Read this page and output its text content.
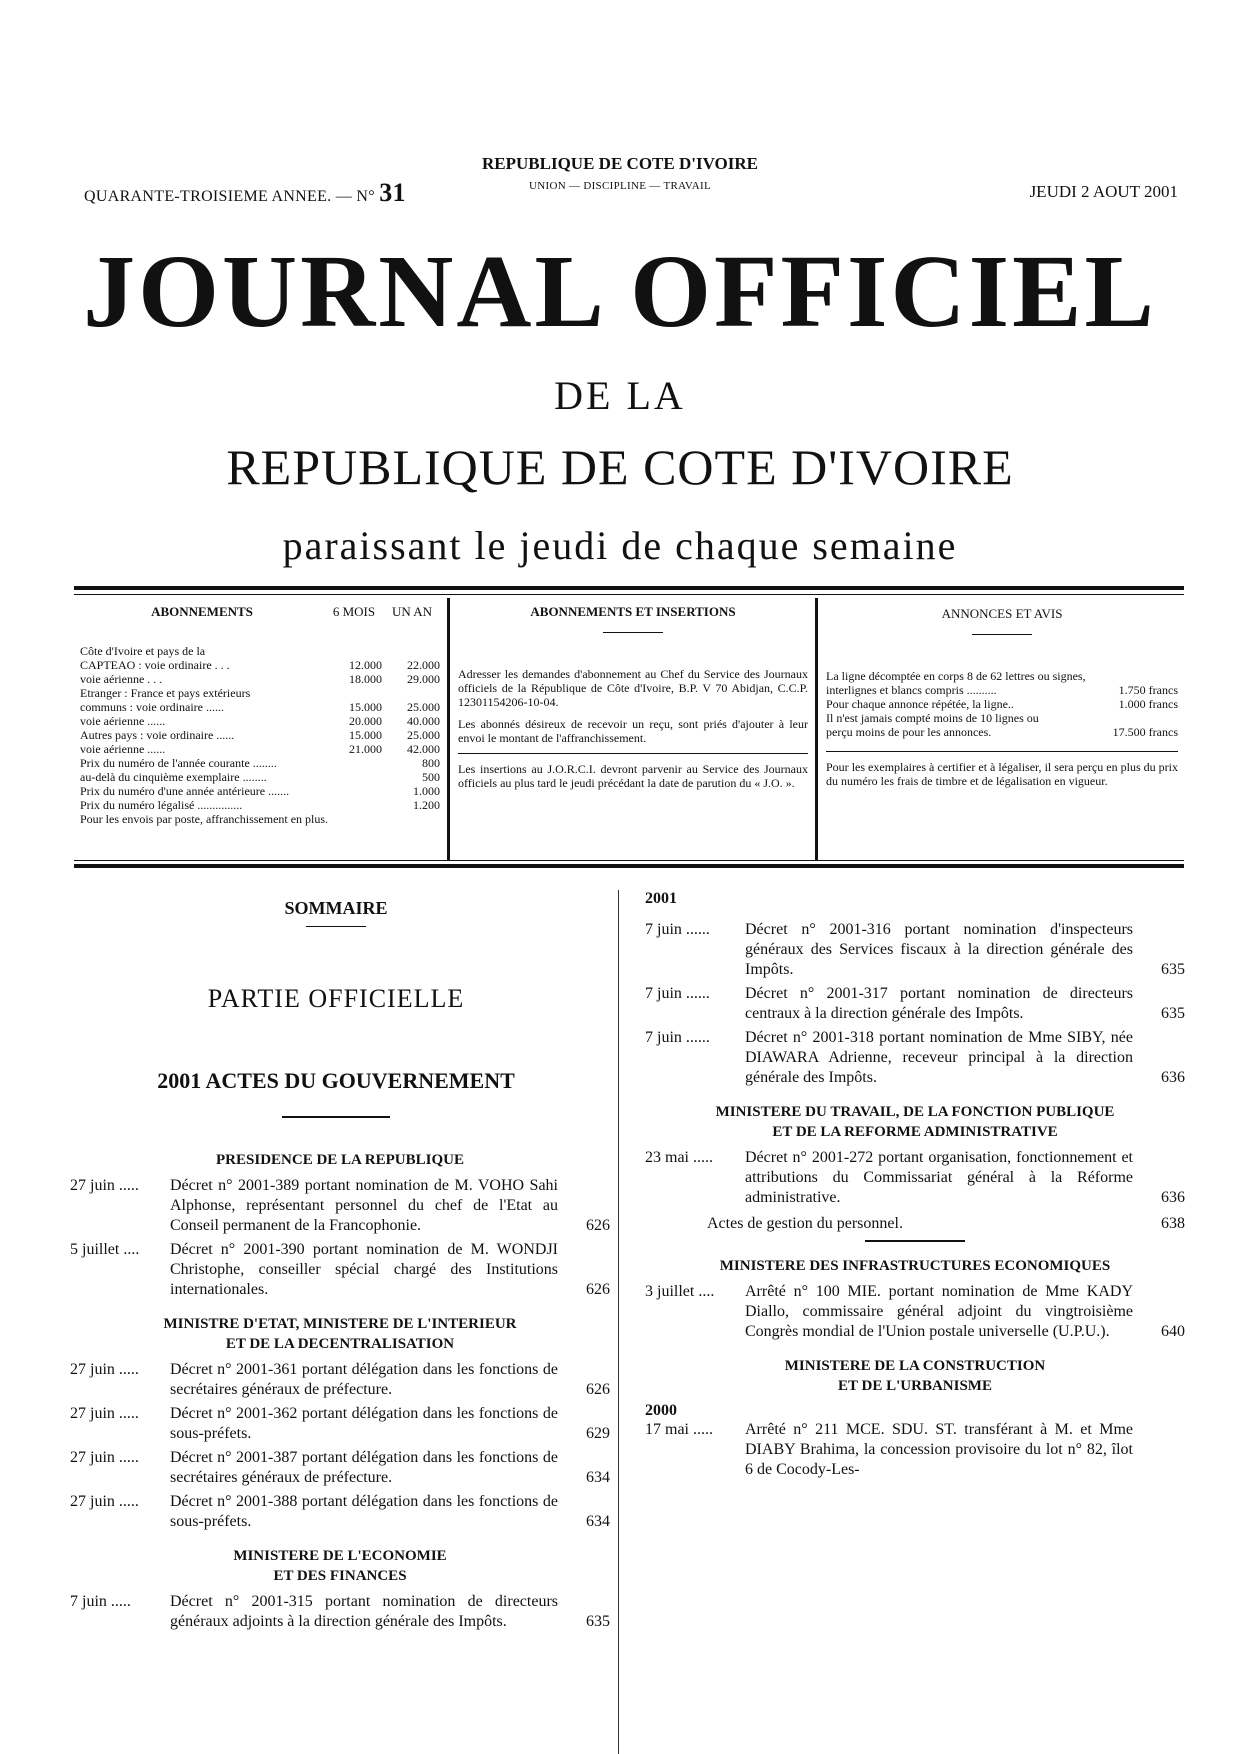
QUARANTE-TROISIEME ANNEE. — N° 31
REPUBLIQUE DE COTE D'IVOIRE
UNION — DISCIPLINE — TRAVAIL	JEUDI 2 AOUT 2001
JOURNAL OFFICIEL
DE LA
REPUBLIQUE DE COTE D'IVOIRE
paraissant le jeudi de chaque semaine
ABONNEMENTS	6 MOIS	UN AN
Côte d'Ivoire et pays de la
CAPTEAO : voie ordinaire . . .	12.000	22.000
voie aérienne . . .	18.000	29.000
Etranger : France et pays extérieurs
communs : voie ordinaire ......	15.000	25.000
voie aérienne ......	20.000	40.000
Autres pays : voie ordinaire ......	15.000	25.000
voie aérienne ......	21.000	42.000
Prix du numéro de l'année courante ........	800
au-delà du cinquième exemplaire ........	500
Prix du numéro d'une année antérieure .......	1.000
Prix du numéro légalisé ...............	1.200
Pour les envois par poste, affranchissement en plus.
ABONNEMENTS ET INSERTIONS
Adresser les demandes d'abonnement au Chef du Service des Journaux officiels de la République de Côte d'Ivoire, B.P. V 70 Abidjan, C.C.P. 12301154206-10-04.
Les abonnés désireux de recevoir un reçu, sont priés d'ajouter à leur envoi le montant de l'affranchissement.
Les insertions au J.O.R.C.I. devront parvenir au Service des Journaux officiels au plus tard le jeudi précédant la date de parution du « J.O. ».
ANNONCES ET AVIS
La ligne décomptée en corps 8 de 62 lettres ou signes, interlignes et blancs compris ..........	1.750 francs
Pour chaque annonce répétée, la ligne..	1.000 francs
Il n'est jamais compté moins de 10 lignes ou perçu moins de pour les annonces.	17.500 francs
Pour les exemplaires à certifier et à légaliser, il sera perçu en plus du prix du numéro les frais de timbre et de légalisation en vigueur.
SOMMAIRE
PARTIE OFFICIELLE
2001 ACTES DU GOUVERNEMENT
PRESIDENCE DE LA REPUBLIQUE
27 juin .....	Décret n° 2001-389 portant nomination de M. VOHO Sahi Alphonse, représentant personnel du chef de l'Etat au Conseil permanent de la Francophonie.	626
5 juillet ....	Décret n° 2001-390 portant nomination de M. WONDJI Christophe, conseiller spécial chargé des Institutions internationales.	626
MINISTRE D'ETAT, MINISTERE DE L'INTERIEUR
ET DE LA DECENTRALISATION
27 juin .....	Décret n° 2001-361 portant délégation dans les fonctions de secrétaires généraux de préfecture.	626
27 juin .....	Décret n° 2001-362 portant délégation dans les fonctions de sous-préfets.	629
27 juin .....	Décret n° 2001-387 portant délégation dans les fonctions de secrétaires généraux de préfecture.	634
27 juin .....	Décret n° 2001-388 portant délégation dans les fonctions de sous-préfets.	634
MINISTERE DE L'ECONOMIE
ET DES FINANCES
7 juin .....	Décret n° 2001-315 portant nomination de directeurs généraux adjoints à la direction générale des Impôts.	635
2001
7 juin ......	Décret n° 2001-316 portant nomination d'inspecteurs généraux des Services fiscaux à la direction générale des Impôts.	635
7 juin ......	Décret n° 2001-317 portant nomination de directeurs centraux à la direction générale des Impôts.	635
7 juin ......	Décret n° 2001-318 portant nomination de Mme SIBY, née DIAWARA Adrienne, receveur principal à la direction générale des Impôts.	636
MINISTERE DU TRAVAIL, DE LA FONCTION PUBLIQUE
ET DE LA REFORME ADMINISTRATIVE
23 mai .....	Décret n° 2001-272 portant organisation, fonctionnement et attributions du Commissariat général à la Réforme administrative.	636
Actes de gestion du personnel.	638
MINISTERE DES INFRASTRUCTURES ECONOMIQUES
3 juillet ....	Arrêté n° 100 MIE. portant nomination de Mme KADY Diallo, commissaire général adjoint du vingtroisième Congrès mondial de l'Union postale universelle (U.P.U.).	640
MINISTERE DE LA CONSTRUCTION
ET DE L'URBANISME
2000
17 mai .....	Arrêté n° 211 MCE. SDU. ST. transférant à M. et Mme DIABY Brahima, la concession provisoire du lot n° 82, îlot 6 de Cocody-Les-
